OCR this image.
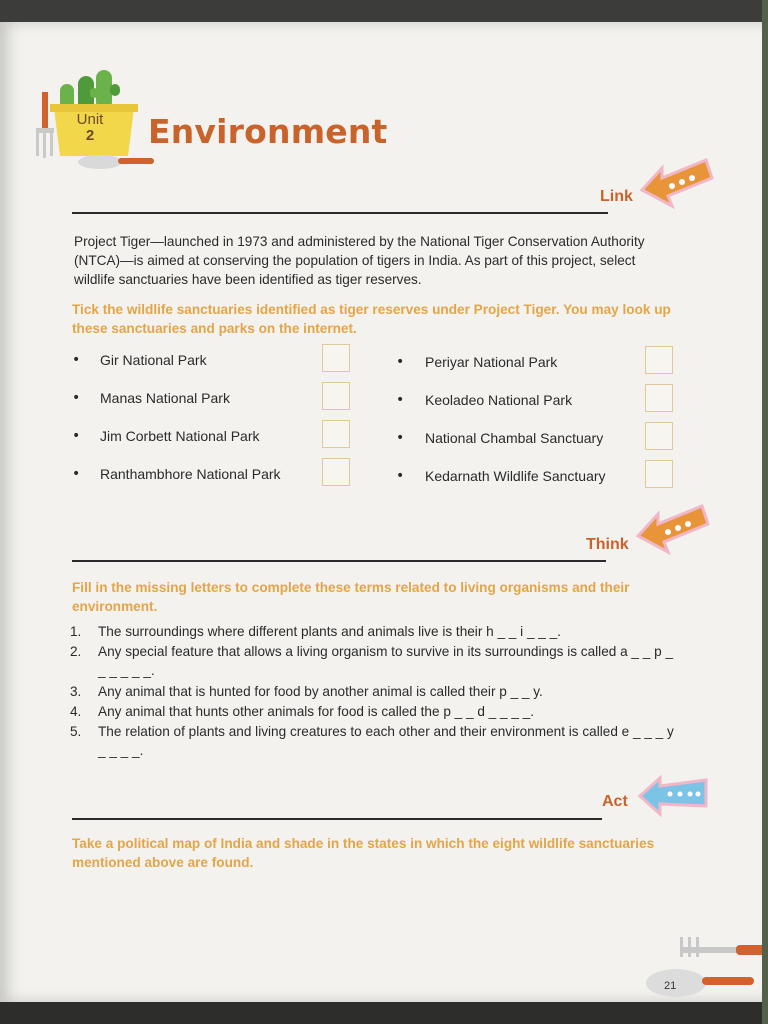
Unit
2	Environment
Link
Project Tiger—launched in 1973 and administered by the National Tiger Conservation Authority (NTCA)—is aimed at conserving the population of tigers in India. As part of this project, select wildlife sanctuaries have been identified as tiger reserves.
Tick the wildlife sanctuaries identified as tiger reserves under Project Tiger. You may look up these sanctuaries and parks on the internet.
• Gir National Park
• Manas National Park
• Jim Corbett National Park
• Ranthambhore National Park
• Periyar National Park
• Keoladeo National Park
• National Chambal Sanctuary
• Kedarnath Wildlife Sanctuary
Think
Fill in the missing letters to complete these terms related to living organisms and their environment.
1. The surroundings where different plants and animals live is their h _ _ i _ _ _.
2. Any special feature that allows a living organism to survive in its surroundings is called a _ _ p _ _ _ _ _ _.
3. Any animal that is hunted for food by another animal is called their p _ _ y.
4. Any animal that hunts other animals for food is called the p _ _ d _ _ _ _.
5. The relation of plants and living creatures to each other and their environment is called e _ _ _ y _ _ _ _.
Act
Take a political map of India and shade in the states in which the eight wildlife sanctuaries mentioned above are found.
21
